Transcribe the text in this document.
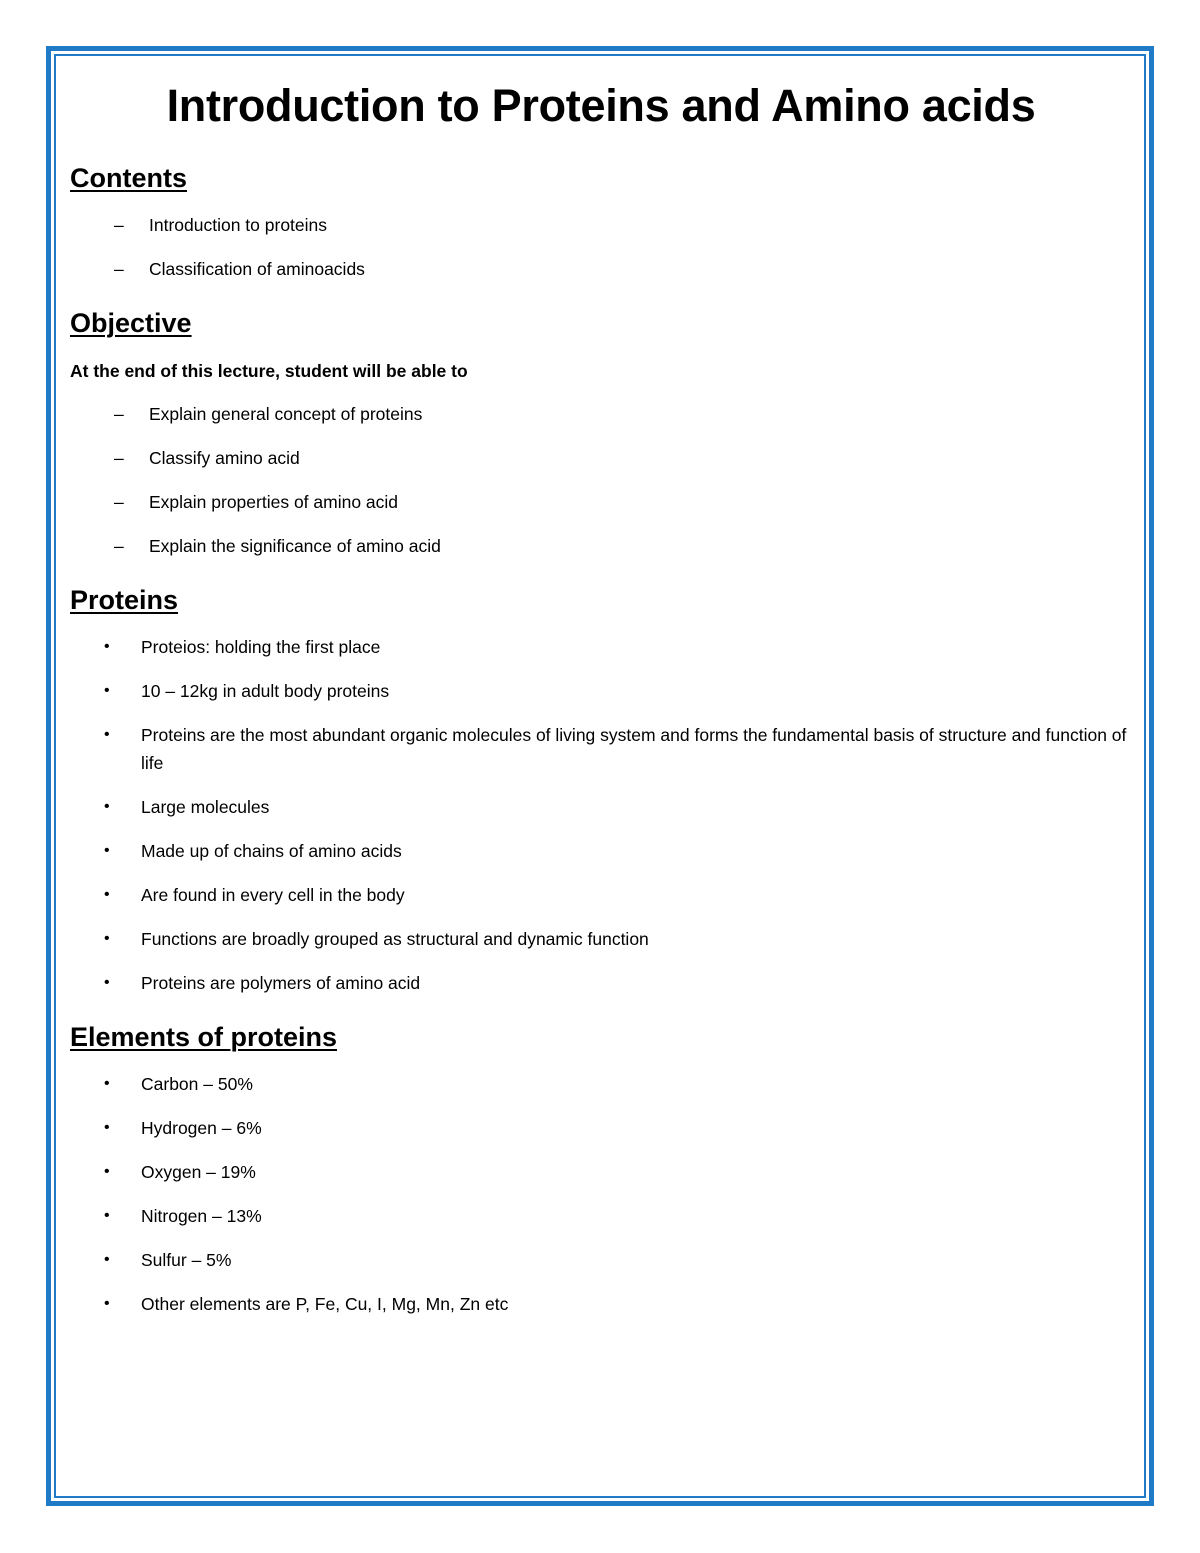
Introduction to Proteins and Amino acids
Contents
– Introduction to proteins
– Classification of aminoacids
Objective
At the end of this lecture, student will be able to
– Explain general concept of proteins
– Classify amino acid
– Explain properties of amino acid
– Explain the significance of amino acid
Proteins
• Proteios: holding the first place
• 10 – 12kg in adult body proteins
• Proteins are the most abundant organic molecules of living system and forms the fundamental basis of structure and function of life
• Large molecules
• Made up of chains of amino acids
• Are found in every cell in the body
• Functions are broadly grouped as structural and dynamic function
• Proteins are polymers of amino acid
Elements of proteins
• Carbon – 50%
• Hydrogen – 6%
• Oxygen – 19%
• Nitrogen – 13%
• Sulfur – 5%
• Other elements are P, Fe, Cu, I, Mg, Mn, Zn etc
